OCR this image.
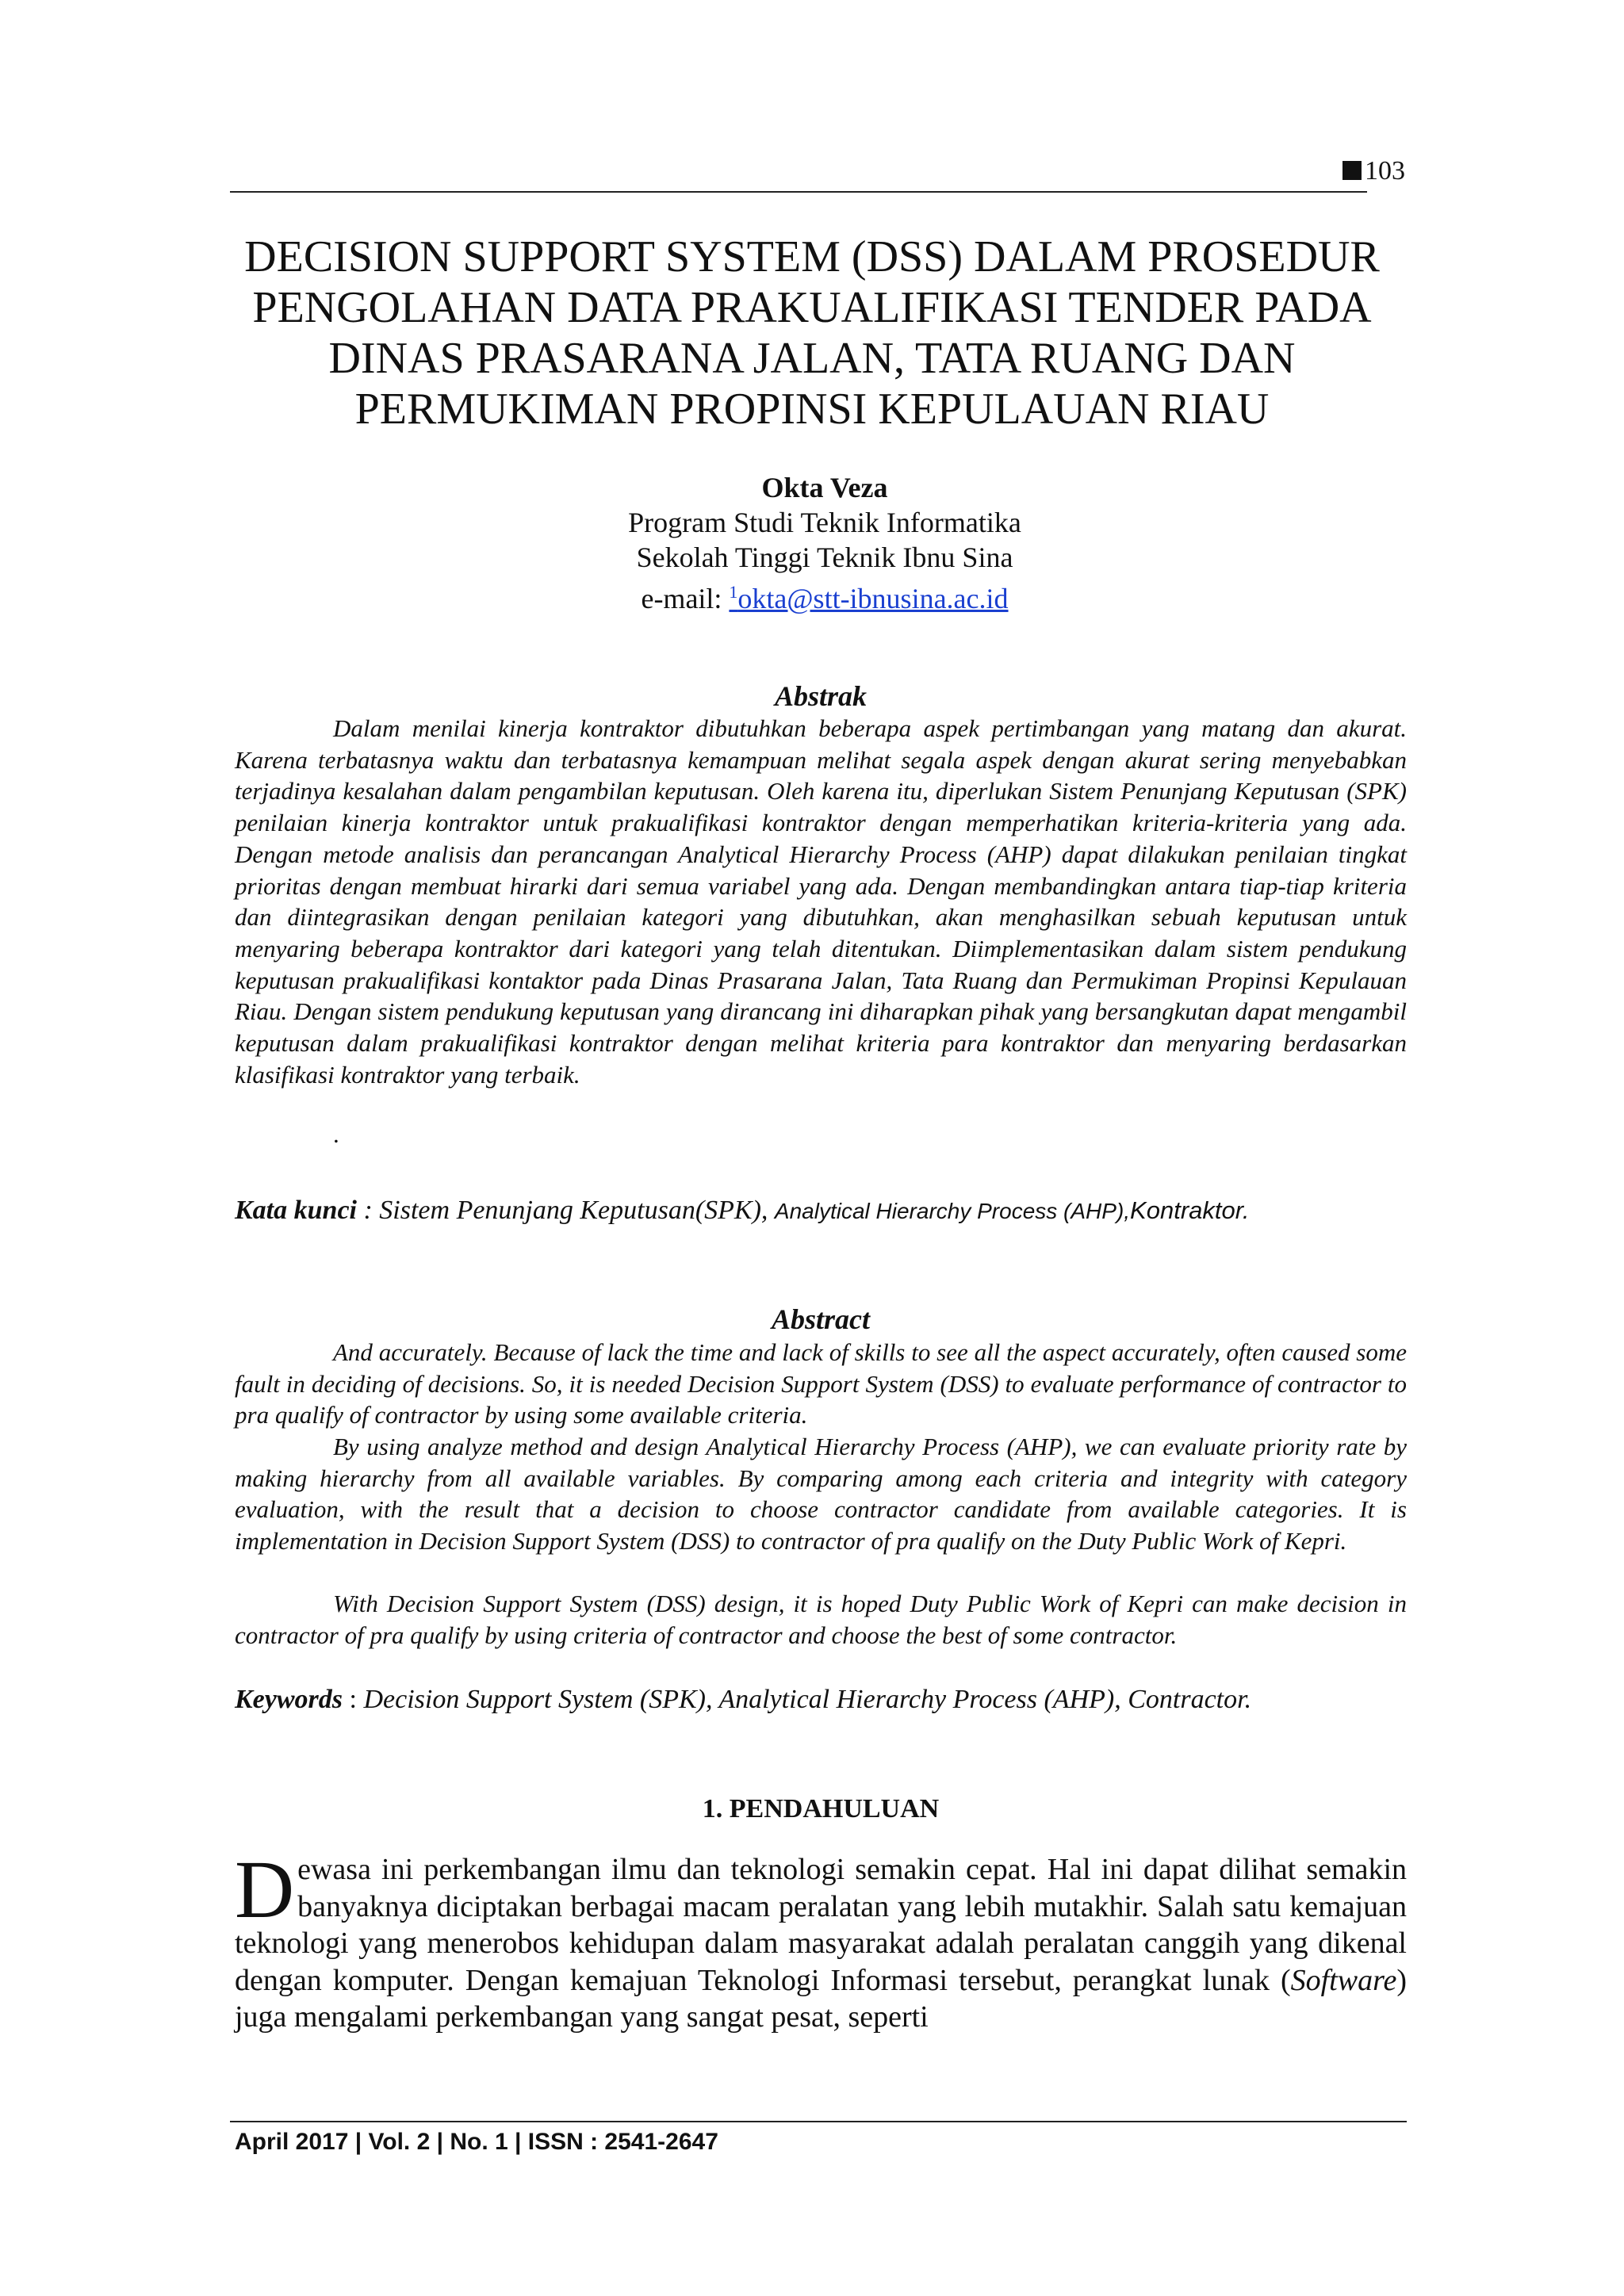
103
DECISION SUPPORT SYSTEM (DSS) DALAM PROSEDUR
PENGOLAHAN DATA PRAKUALIFIKASI TENDER PADA
DINAS PRASARANA JALAN, TATA RUANG DAN
PERMUKIMAN PROPINSI KEPULAUAN RIAU
Okta Veza
Program Studi Teknik Informatika
Sekolah Tinggi Teknik Ibnu Sina
e-mail: $^1$okta@stt-ibnusina.ac.id
Abstrak
Dalam menilai kinerja kontraktor dibutuhkan beberapa aspek pertimbangan yang matang dan akurat. Karena terbatasnya waktu dan terbatasnya kemampuan melihat segala aspek dengan akurat sering menyebabkan terjadinya kesalahan dalam pengambilan keputusan. Oleh karena itu, diperlukan Sistem Penunjang Keputusan (SPK) penilaian kinerja kontraktor untuk prakualifikasi kontraktor dengan memperhatikan kriteria-kriteria yang ada. Dengan metode analisis dan perancangan Analytical Hierarchy Process (AHP) dapat dilakukan penilaian tingkat prioritas dengan membuat hirarki dari semua variabel yang ada. Dengan membandingkan antara tiap-tiap kriteria dan diintegrasikan dengan penilaian kategori yang dibutuhkan, akan menghasilkan sebuah keputusan untuk menyaring beberapa kontraktor dari kategori yang telah ditentukan. Diimplementasikan dalam sistem pendukung keputusan prakualifikasi kontaktor pada Dinas Prasarana Jalan, Tata Ruang dan Permukiman Propinsi Kepulauan Riau. Dengan sistem pendukung keputusan yang dirancang ini diharapkan pihak yang bersangkutan dapat mengambil keputusan dalam prakualifikasi kontraktor dengan melihat kriteria para kontraktor dan menyaring berdasarkan klasifikasi kontraktor yang terbaik.
.
Kata kunci : Sistem Penunjang Keputusan(SPK), Analytical Hierarchy Process (AHP),Kontraktor.
Abstract
And accurately. Because of lack the time and lack of skills to see all the aspect accurately, often caused some fault in deciding of decisions. So, it is needed Decision Support System (DSS) to evaluate performance of contractor to pra qualify of contractor by using some available criteria.
By using analyze method and design Analytical Hierarchy Process (AHP), we can evaluate priority rate by making hierarchy from all available variables. By comparing among each criteria and integrity with category evaluation, with the result that a decision to choose contractor candidate from available categories. It is implementation in Decision Support System (DSS) to contractor of pra qualify on the Duty Public Work of Kepri.
With Decision Support System (DSS) design, it is hoped Duty Public Work of Kepri can make decision in contractor of pra qualify by using criteria of contractor and choose the best of some contractor.
Keywords : Decision Support System (SPK), Analytical Hierarchy Process (AHP), Contractor.
1. PENDAHULUAN
Dewasa ini perkembangan ilmu dan teknologi semakin cepat. Hal ini dapat dilihat semakin banyaknya diciptakan berbagai macam peralatan yang lebih mutakhir. Salah satu kemajuan teknologi yang menerobos kehidupan dalam masyarakat adalah peralatan canggih yang dikenal dengan komputer. Dengan kemajuan Teknologi Informasi tersebut, perangkat lunak (Software) juga mengalami perkembangan yang sangat pesat, seperti
April 2017 | Vol. 2 | No. 1 | ISSN : 2541-2647
